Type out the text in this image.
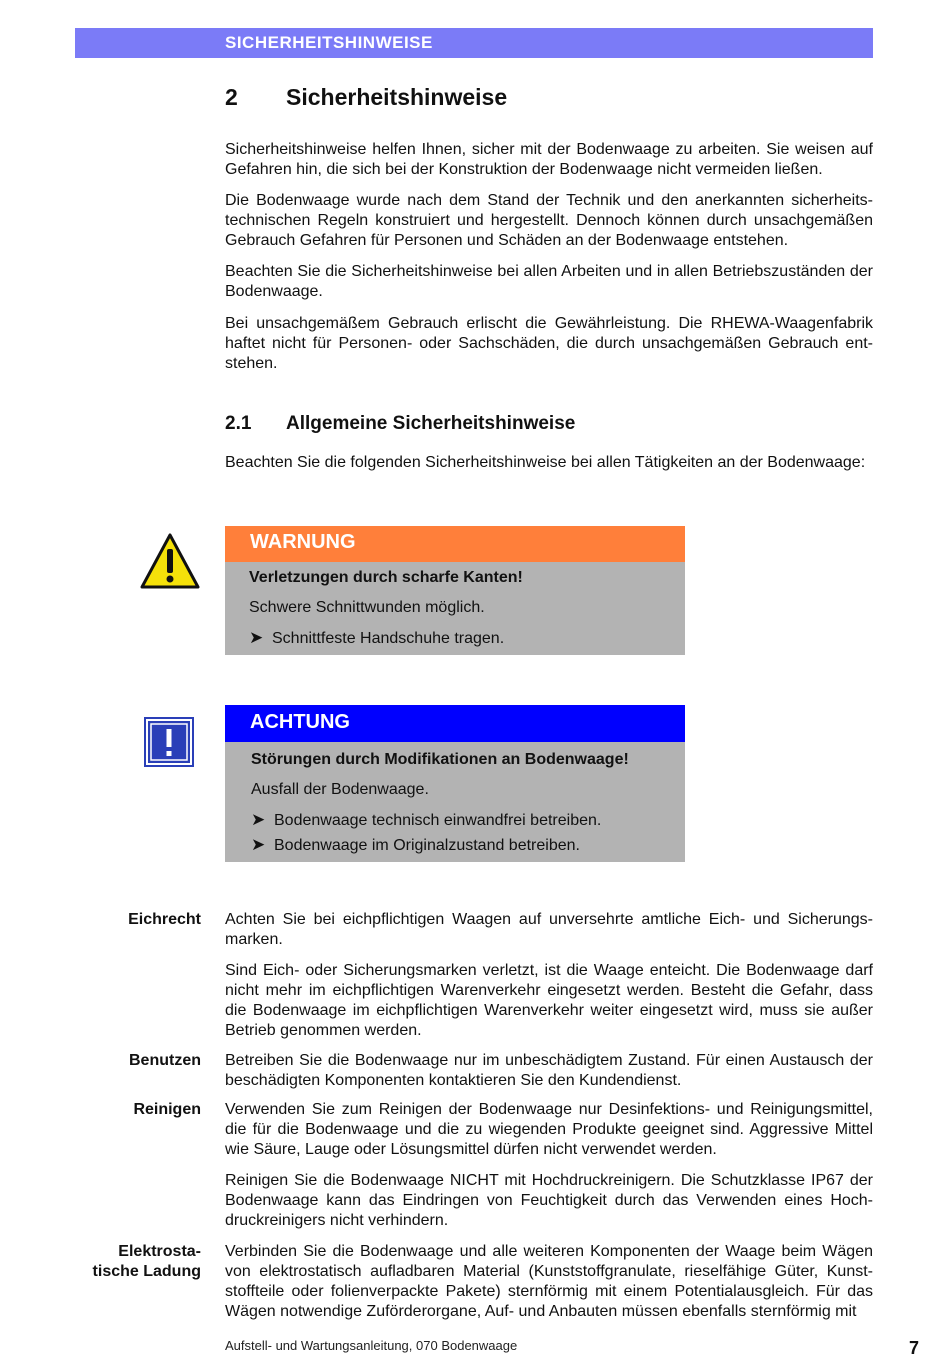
SICHERHEITSHINWEISE
2 Sicherheitshinweise

Sicherheitshinweise helfen Ihnen, sicher mit der Bodenwaage zu arbeiten. Sie weisen auf Gefahren hin, die sich bei der Konstruktion der Bodenwaage nicht vermeiden ließen.

Die Bodenwaage wurde nach dem Stand der Technik und den anerkannten sicherheitstechnischen Regeln konstruiert und hergestellt. Dennoch können durch unsachgemäßen Gebrauch Gefahren für Personen und Schäden an der Bodenwaage entstehen.

Beachten Sie die Sicherheitshinweise bei allen Arbeiten und in allen Betriebszuständen der Bodenwaage.

Bei unsachgemäßem Gebrauch erlischt die Gewährleistung. Die RHEWA-Waagenfabrik haftet nicht für Personen- oder Sachschäden, die durch unsachgemäßen Gebrauch entstehen.

2.1 Allgemeine Sicherheitshinweise

Beachten Sie die folgenden Sicherheitshinweise bei allen Tätigkeiten an der Bodenwaage:

WARNUNG
Verletzungen durch scharfe Kanten!
Schwere Schnittwunden möglich.
➤ Schnittfeste Handschuhe tragen.
ACHTUNG
Störungen durch Modifikationen an Bodenwaage!
Ausfall der Bodenwaage.
➤ Bodenwaage technisch einwandfrei betreiben.
➤ Bodenwaage im Originalzustand betreiben.
Eichrecht Achten Sie bei eichpflichtigen Waagen auf unversehrte amtliche Eich- und Sicherungsmarken.

Sind Eich- oder Sicherungsmarken verletzt, ist die Waage enteicht. Die Bodenwaage darf nicht mehr im eichpflichtigen Warenverkehr eingesetzt werden. Besteht die Gefahr, dass die Bodenwaage im eichpflichtigen Warenverkehr weiter eingesetzt wird, muss sie außer Betrieb genommen werden.

Benutzen Betreiben Sie die Bodenwaage nur im unbeschädigtem Zustand. Für einen Austausch der beschädigten Komponenten kontaktieren Sie den Kundendienst.

Reinigen Verwenden Sie zum Reinigen der Bodenwaage nur Desinfektions- und Reinigungsmittel, die für die Bodenwaage und die zu wiegenden Produkte geeignet sind. Aggressive Mittel wie Säure, Lauge oder Lösungsmittel dürfen nicht verwendet werden.

Reinigen Sie die Bodenwaage NICHT mit Hochdruckreinigern. Die Schutzklasse IP67 der Bodenwaage kann das Eindringen von Feuchtigkeit durch das Verwenden eines Hochdruckreinigers nicht verhindern.

Elektrosta-
tische Ladung

Verbinden Sie die Bodenwaage und alle weiteren Komponenten der Waage beim Wägen von elektrostatisch aufladbaren Material (Kunststoffgranulate, rieselfähige Güter, Kunststoffteile oder folienverpackte Pakete) sternförmig mit einem Potentialausgleich. Für das Wägen notwendige Zuförderorgane, Auf- und Anbauten müssen ebenfalls sternförmig mit

Aufstell- und Wartungsanleitung, 070 Bodenwaage	7
